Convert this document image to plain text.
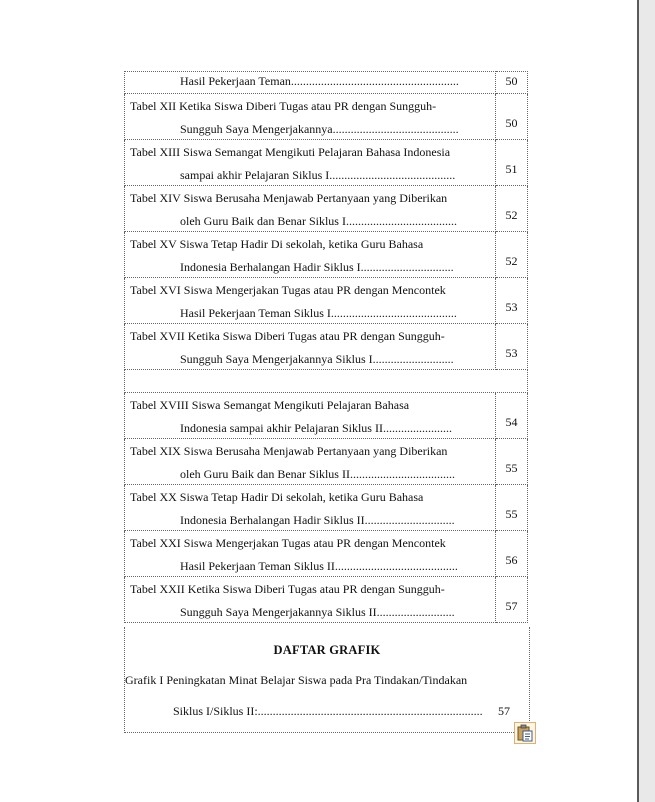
Hasil Pekerjaan Teman........................................................	50

Tabel XII Ketika Siswa Diberi Tugas atau PR dengan Sungguh-
Sungguh Saya Mengerjakannya..........................................	50

Tabel XIII Siswa Semangat Mengikuti Pelajaran Bahasa Indonesia
sampai akhir Pelajaran Siklus I..........................................	51

Tabel XIV Siswa Berusaha Menjawab Pertanyaan yang Diberikan
oleh Guru Baik dan Benar Siklus I.....................................	52

Tabel XV Siswa Tetap Hadir Di sekolah, ketika Guru Bahasa
Indonesia Berhalangan Hadir Siklus I...............................	52

Tabel XVI Siswa Mengerjakan Tugas atau PR dengan Mencontek
Hasil Pekerjaan Teman Siklus I..........................................	53

Tabel XVII Ketika Siswa Diberi Tugas atau PR dengan Sungguh-
Sungguh Saya Mengerjakannya Siklus I...........................	53

Tabel XVIII Siswa Semangat Mengikuti Pelajaran Bahasa
Indonesia sampai akhir Pelajaran Siklus II.......................	54

Tabel XIX Siswa Berusaha Menjawab Pertanyaan yang Diberikan
oleh Guru Baik dan Benar Siklus II...................................	55

Tabel XX Siswa Tetap Hadir Di sekolah, ketika Guru Bahasa
Indonesia Berhalangan Hadir Siklus II..............................	55

Tabel XXI Siswa Mengerjakan Tugas atau PR dengan Mencontek
Hasil Pekerjaan Teman Siklus II.........................................	56

Tabel XXII Ketika Siswa Diberi Tugas atau PR dengan Sungguh-
Sungguh Saya Mengerjakannya Siklus II..........................	57
DAFTAR GRAFIK
Grafik I Peningkatan Minat Belajar Siswa pada Pra Tindakan/Tindakan
Siklus I/Siklus II:...........................................................................	57
